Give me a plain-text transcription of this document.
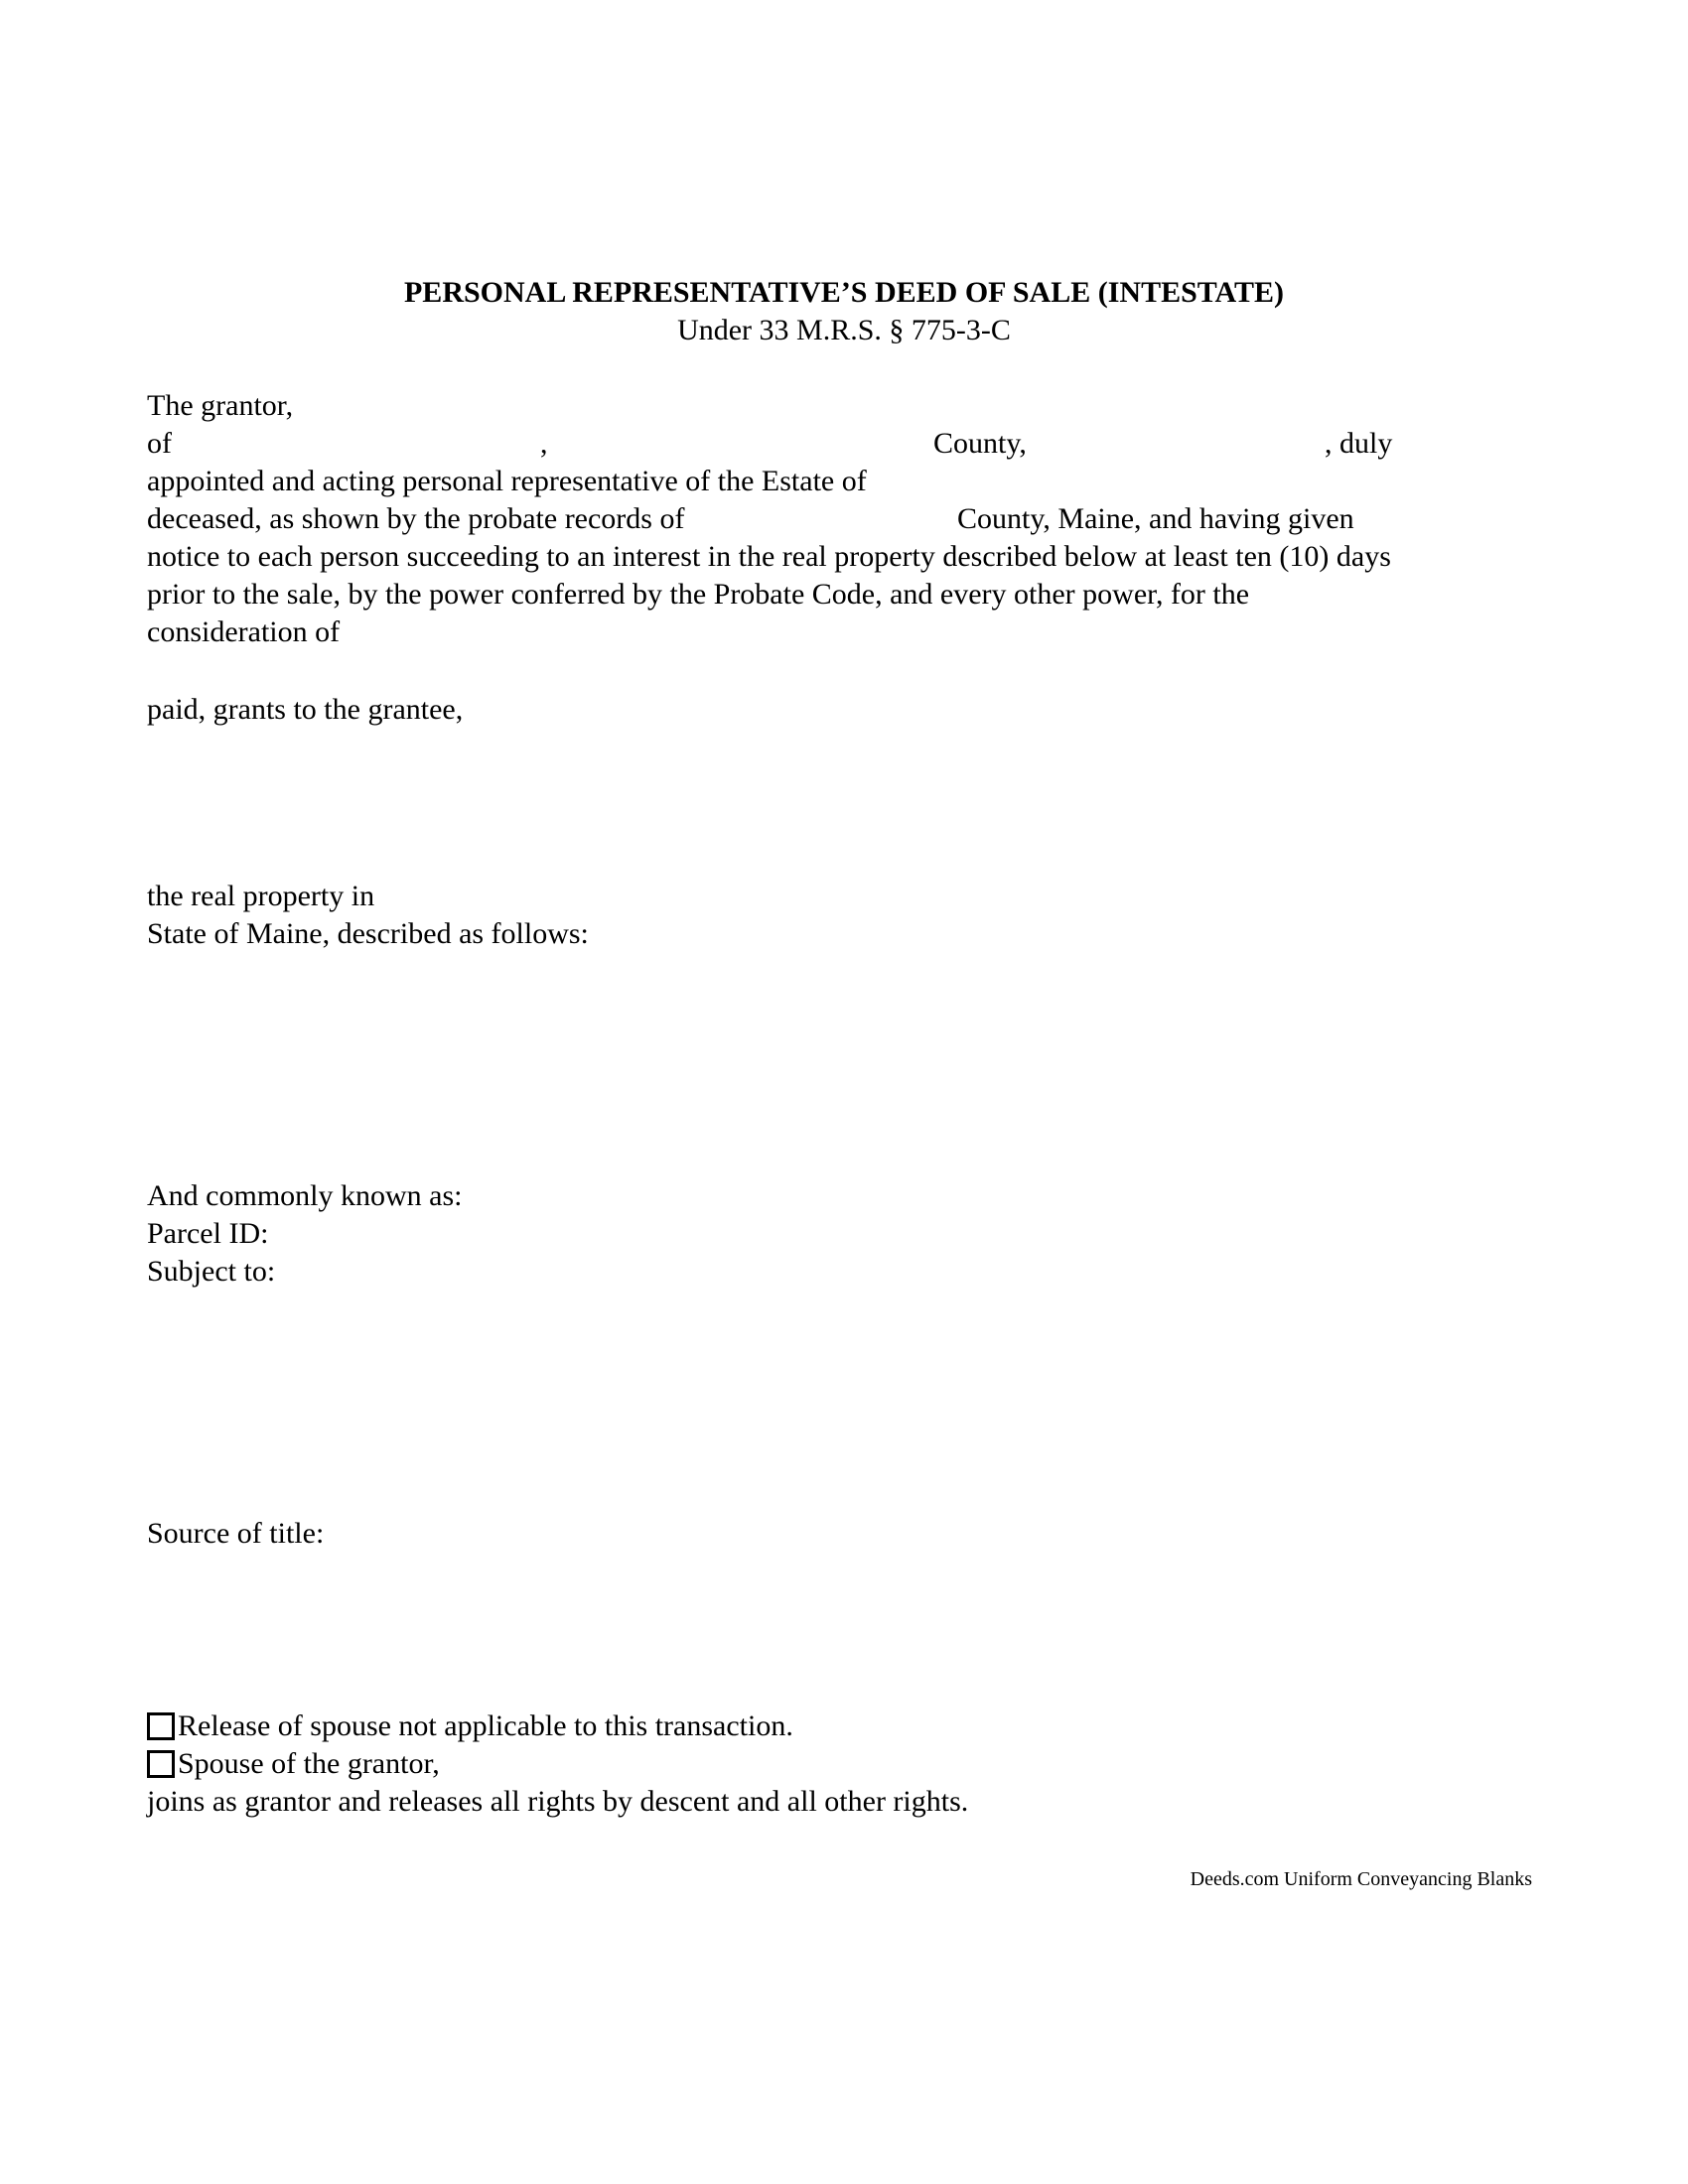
PERSONAL REPRESENTATIVE’S DEED OF SALE (INTESTATE)
Under 33 M.R.S. § 775-3-C
The grantor,
of	,	County,	, duly
appointed and acting personal representative of the Estate of
deceased, as shown by the probate records of	County, Maine, and having given
notice to each person succeeding to an interest in the real property described below at least ten (10) days
prior to the sale, by the power conferred by the Probate Code, and every other power, for the
consideration of
paid, grants to the grantee,
the real property in
State of Maine, described as follows:
And commonly known as:
Parcel ID:
Subject to:
Source of title:
Release of spouse not applicable to this transaction.
Spouse of the grantor,
joins as grantor and releases all rights by descent and all other rights.
Deeds.com Uniform Conveyancing Blanks
